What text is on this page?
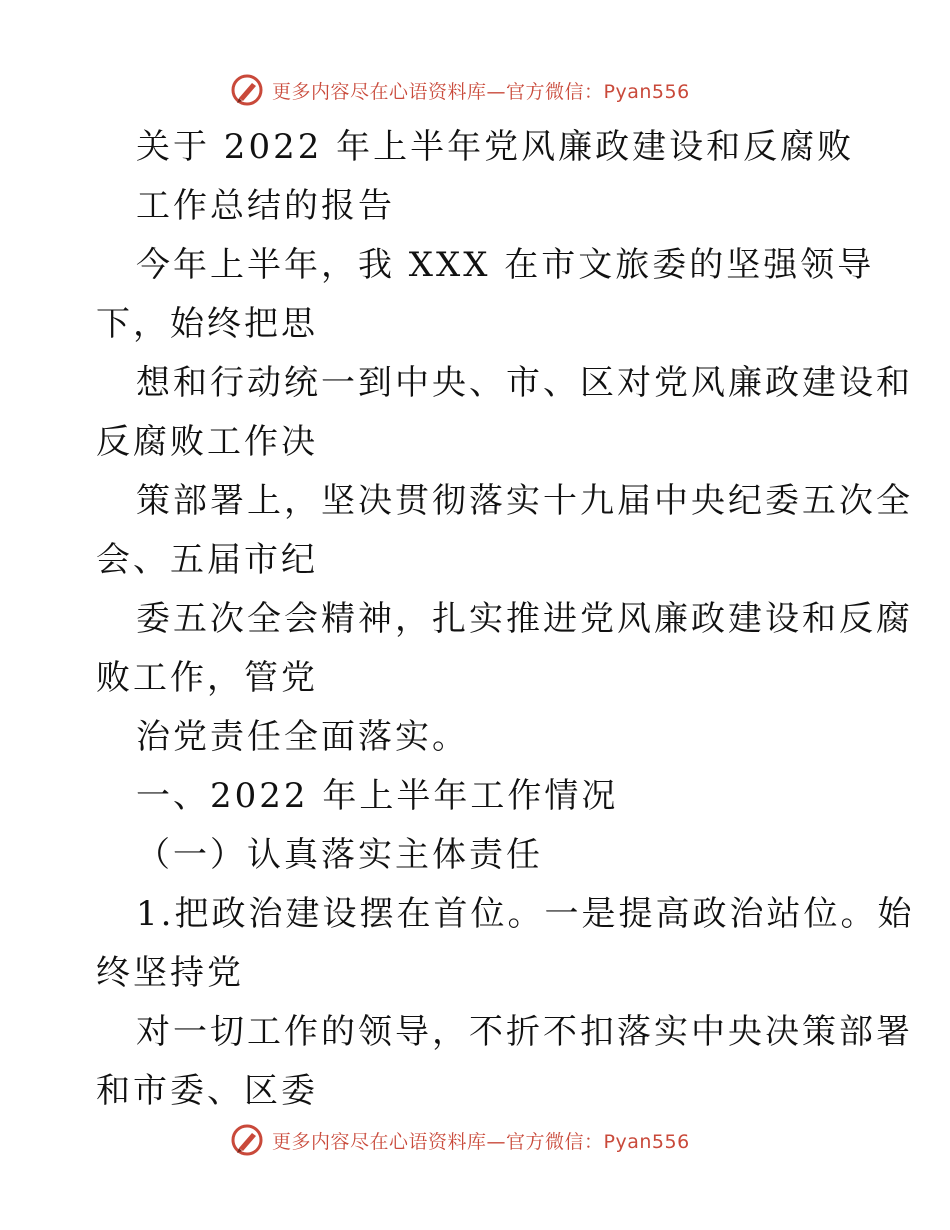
更多内容尽在心语资料库—官方微信：Pyan556
关于 2022 年上半年党风廉政建设和反腐败
工作总结的报告
今年上半年，我 XXX 在市文旅委的坚强领导
下，始终把思
想和行动统一到中央、市、区对党风廉政建设和
反腐败工作决
策部署上，坚决贯彻落实十九届中央纪委五次全
会、五届市纪
委五次全会精神，扎实推进党风廉政建设和反腐
败工作，管党
治党责任全面落实。
一、2022 年上半年工作情况
（一）认真落实主体责任
1.把政治建设摆在首位。一是提高政治站位。始
终坚持党
对一切工作的领导，不折不扣落实中央决策部署
和市委、区委
更多内容尽在心语资料库—官方微信：Pyan556
